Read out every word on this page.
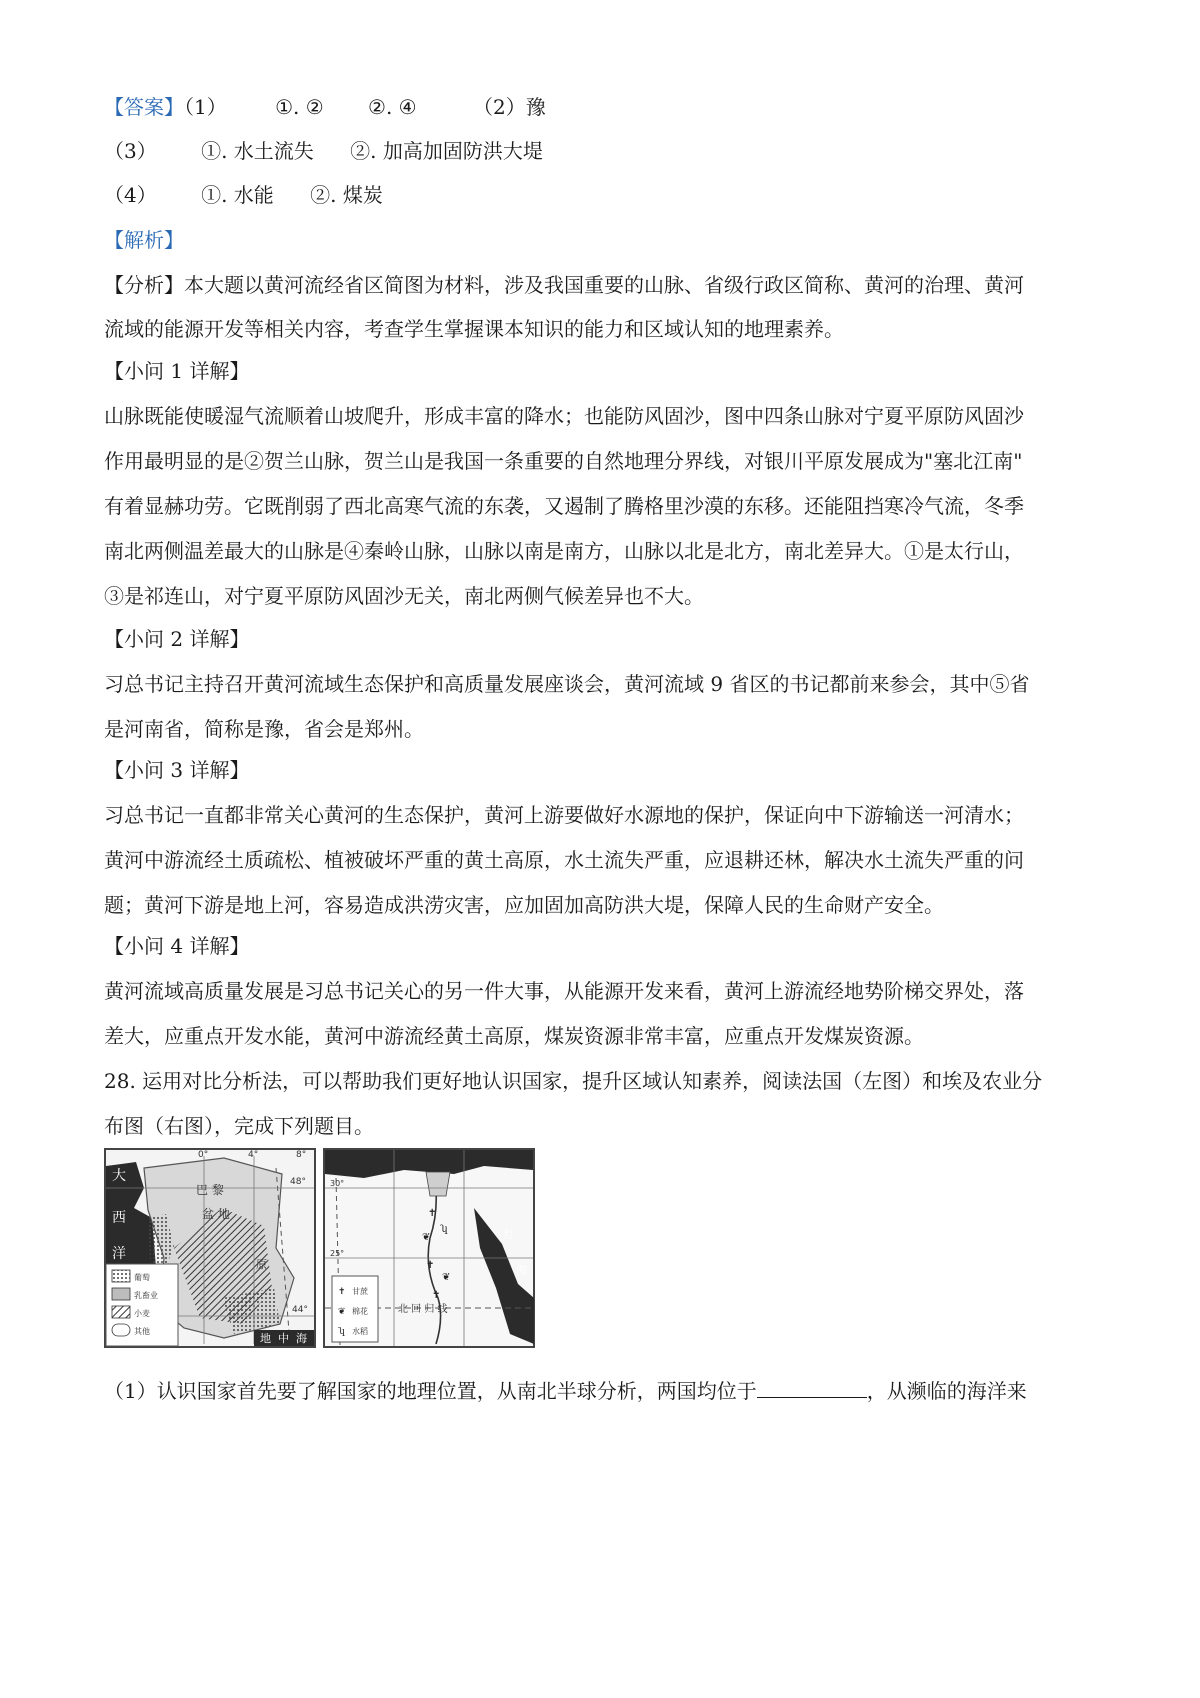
【答案】（1） ①. ② ②. ④	（2）豫
（3） ①. 水土流失 ②. 加高加固防洪大堤
（4） ①. 水能 ②. 煤炭
【解析】
【分析】本大题以黄河流经省区简图为材料，涉及我国重要的山脉、省级行政区简称、黄河的治理、黄河
流域的能源开发等相关内容，考查学生掌握课本知识的能力和区域认知的地理素养。
【小问 1 详解】
山脉既能使暖湿气流顺着山坡爬升，形成丰富的降水；也能防风固沙，图中四条山脉对宁夏平原防风固沙
作用最明显的是②贺兰山脉，贺兰山是我国一条重要的自然地理分界线，对银川平原发展成为"塞北江南"
有着显赫功劳。它既削弱了西北高寒气流的东袭，又遏制了腾格里沙漠的东移。还能阻挡寒冷气流，冬季
南北两侧温差最大的山脉是④秦岭山脉，山脉以南是南方，山脉以北是北方，南北差异大。①是太行山，
③是祁连山，对宁夏平原防风固沙无关，南北两侧气候差异也不大。
【小问 2 详解】
习总书记主持召开黄河流域生态保护和高质量发展座谈会，黄河流域 9 省区的书记都前来参会，其中⑤省
是河南省，简称是豫，省会是郑州。
【小问 3 详解】
习总书记一直都非常关心黄河的生态保护，黄河上游要做好水源地的保护，保证向中下游输送一河清水；
黄河中游流经土质疏松、植被破坏严重的黄土高原，水土流失严重，应退耕还林，解决水土流失严重的问
题；黄河下游是地上河，容易造成洪涝灾害，应加固加高防洪大堤，保障人民的生命财产安全。
【小问 4 详解】
黄河流域高质量发展是习总书记关心的另一件大事，从能源开发来看，黄河上游流经地势阶梯交界处，落
差大，应重点开发水能，黄河中游流经黄土高原，煤炭资源非常丰富，应重点开发煤炭资源。
28. 运用对比分析法，可以帮助我们更好地认识国家，提升区域认知素养，阅读法国（左图）和埃及农业分
布图（右图），完成下列题目。
0°	4°	8°
48°
44°
大
西
洋
巴 黎
盆 地
原
葡萄
乳畜业
小麦
其他
地 中 海
30°
25°
红
海
北 回 归 线
甘蔗
棉花
水稻
✝
❦
ʮ
✝
❦
ʮ
✝
❦
✝
（1）认识国家首先要了解国家的地理位置，从南北半球分析，两国均位于	，从濒临的海洋来
